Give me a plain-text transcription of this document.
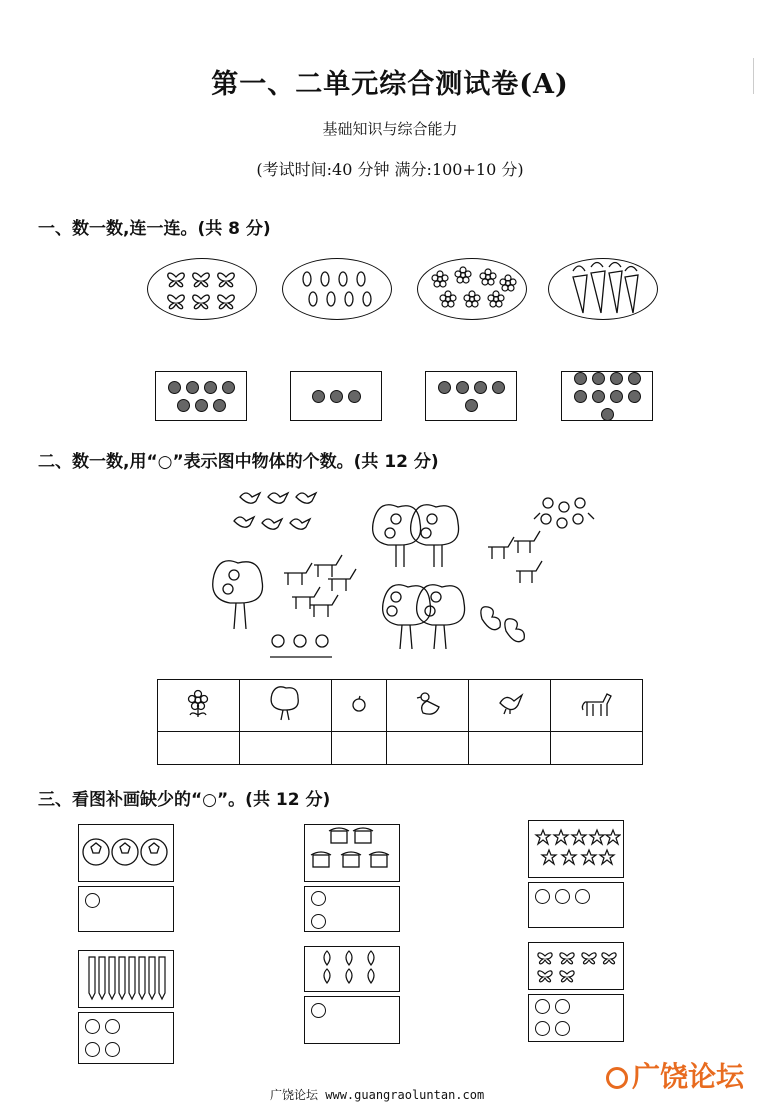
第一、二单元综合测试卷(A)
基础知识与综合能力
(考试时间:40 分钟 满分:100+10 分)
一、数一数,连一连。(共 8 分)
二、数一数,用“○”表示图中物体的个数。(共 12 分)

三、看图补画缺少的“○”。(共 12 分)

广饶论坛 www.guangraoluntan.com
广饶论坛
